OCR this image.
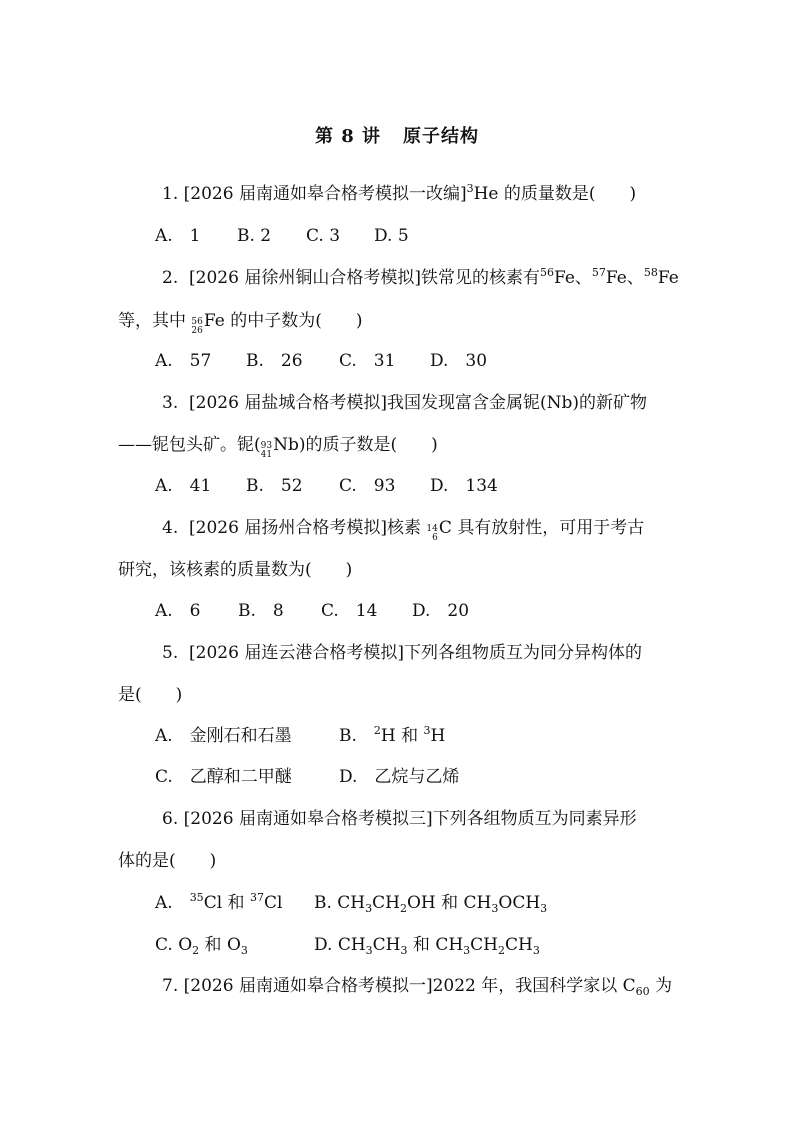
第 8 讲 原子结构
1. [2026 届南通如皋合格考模拟一改编]$^3$He 的质量数是(　　)
A.　1 B. 2 C. 3 D. 5
2. [2026 届徐州铜山合格考模拟]铁常见的核素有$^{56}$Fe、$^{57}$Fe、$^{58}$Fe
等，其中 56
26 Fe 的中子数为(　　)
A.　57 B.　26 C.　31 D.　30
3. [2026 届盐城合格考模拟]我国发现富含金属铌(Nb)的新矿物
——铌包头矿。铌( 93
41 Nb)的质子数是(　　)
A.　41 B.　52 C.　93 D.　134
4. [2026 届扬州合格考模拟]核素 14
6 C 具有放射性，可用于考古
研究，该核素的质量数为(　　)
A.　6 B.　8 C.　14 D.　20
5. [2026 届连云港合格考模拟]下列各组物质互为同分异构体的
是(　　)
A.　金刚石和石墨	B.　$^2$H 和 $^3$H
C.　乙醇和二甲醚	D.　乙烷与乙烯
6. [2026 届南通如皋合格考模拟三]下列各组物质互为同素异形
体的是(　　)
A.　$^{35}$Cl 和 $^{37}$Cl B. $CH_3CH_2OH$ 和 $CH_3OCH_3$
C. $O_2$ 和 $O_3$	D. $CH_3CH_3$ 和 $CH_3CH_2CH_3$
7. [2026 届南通如皋合格考模拟一]2022 年，我国科学家以 $C_{60}$ 为
